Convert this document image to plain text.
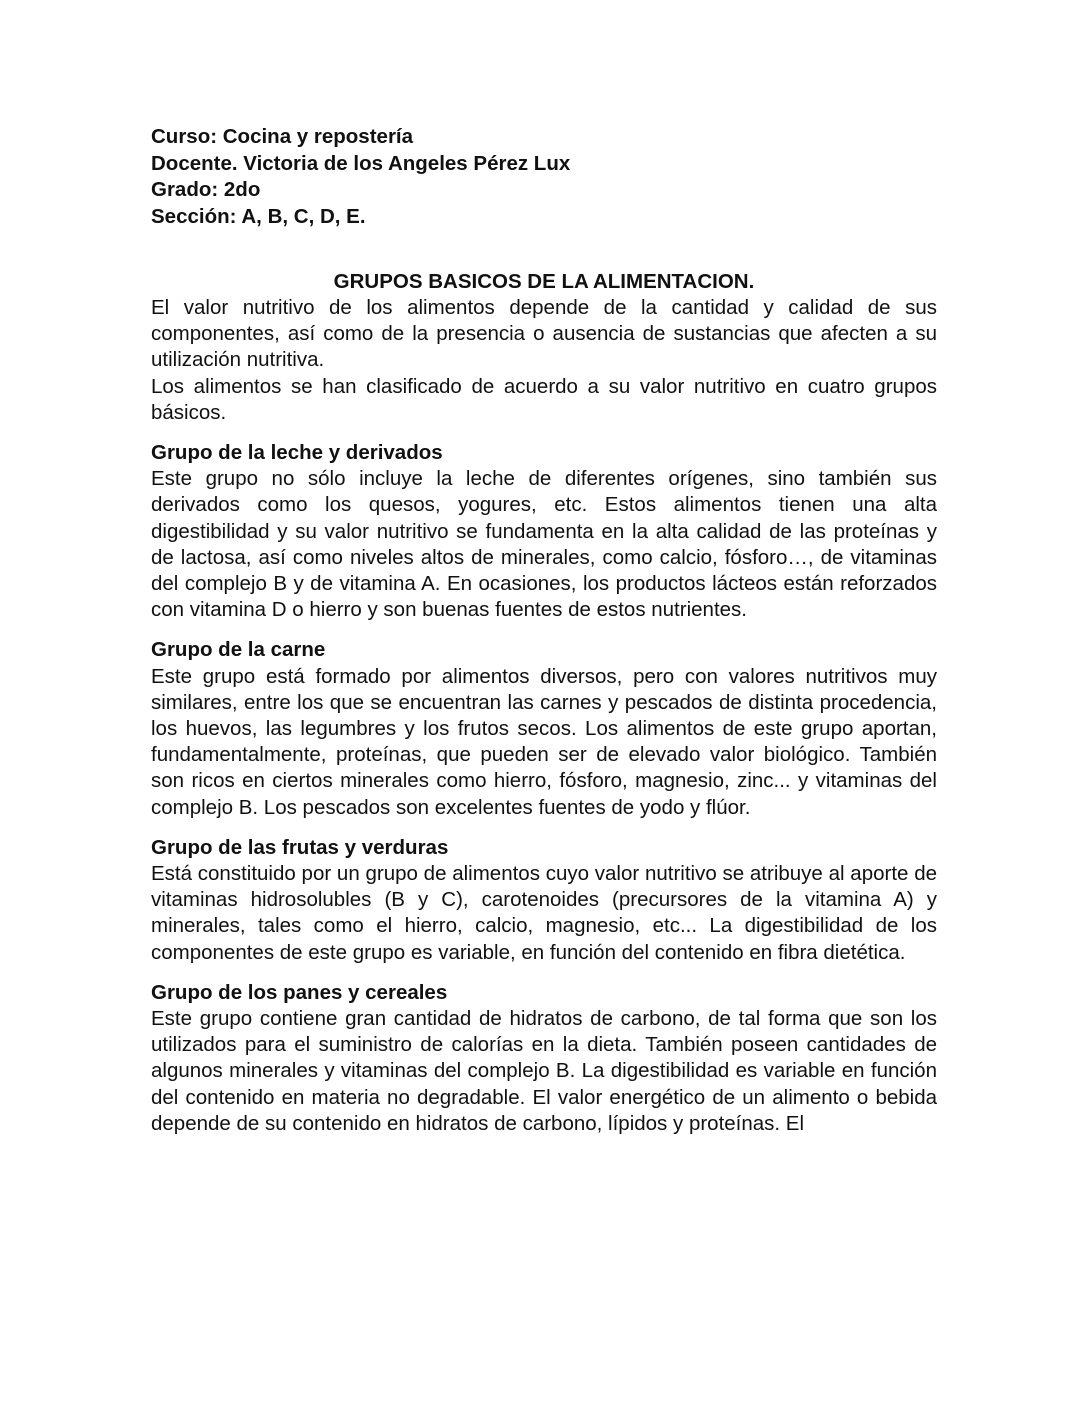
Curso: Cocina y repostería

Docente. Victoria de los Angeles Pérez Lux

Grado: 2do

Sección: A, B, C, D, E.

GRUPOS BASICOS DE LA ALIMENTACION.

El valor nutritivo de los alimentos depende de la cantidad y calidad de sus componentes, así como de la presencia o ausencia de sustancias que afecten a su utilización nutritiva.

Los alimentos se han clasificado de acuerdo a su valor nutritivo en cuatro grupos básicos.

Grupo de la leche y derivados

Este grupo no sólo incluye la leche de diferentes orígenes, sino también sus derivados como los quesos, yogures, etc. Estos alimentos tienen una alta digestibilidad y su valor nutritivo se fundamenta en la alta calidad de las proteínas y de lactosa, así como niveles altos de minerales, como calcio, fósforo…, de vitaminas del complejo B y de vitamina A. En ocasiones, los productos lácteos están reforzados con vitamina D o hierro y son buenas fuentes de estos nutrientes.

Grupo de la carne

Este grupo está formado por alimentos diversos, pero con valores nutritivos muy similares, entre los que se encuentran las carnes y pescados de distinta procedencia, los huevos, las legumbres y los frutos secos. Los alimentos de este grupo aportan, fundamentalmente, proteínas, que pueden ser de elevado valor biológico. También son ricos en ciertos minerales como hierro, fósforo, magnesio, zinc... y vitaminas del complejo B. Los pescados son excelentes fuentes de yodo y flúor.

Grupo de las frutas y verduras

Está constituido por un grupo de alimentos cuyo valor nutritivo se atribuye al aporte de vitaminas hidrosolubles (B y C), carotenoides (precursores de la vitamina A) y minerales, tales como el hierro, calcio, magnesio, etc... La digestibilidad de los componentes de este grupo es variable, en función del contenido en fibra dietética.

Grupo de los panes y cereales

Este grupo contiene gran cantidad de hidratos de carbono, de tal forma que son los utilizados para el suministro de calorías en la dieta. También poseen cantidades de algunos minerales y vitaminas del complejo B. La digestibilidad es variable en función del contenido en materia no degradable. El valor energético de un alimento o bebida depende de su contenido en hidratos de carbono, lípidos y proteínas. El
